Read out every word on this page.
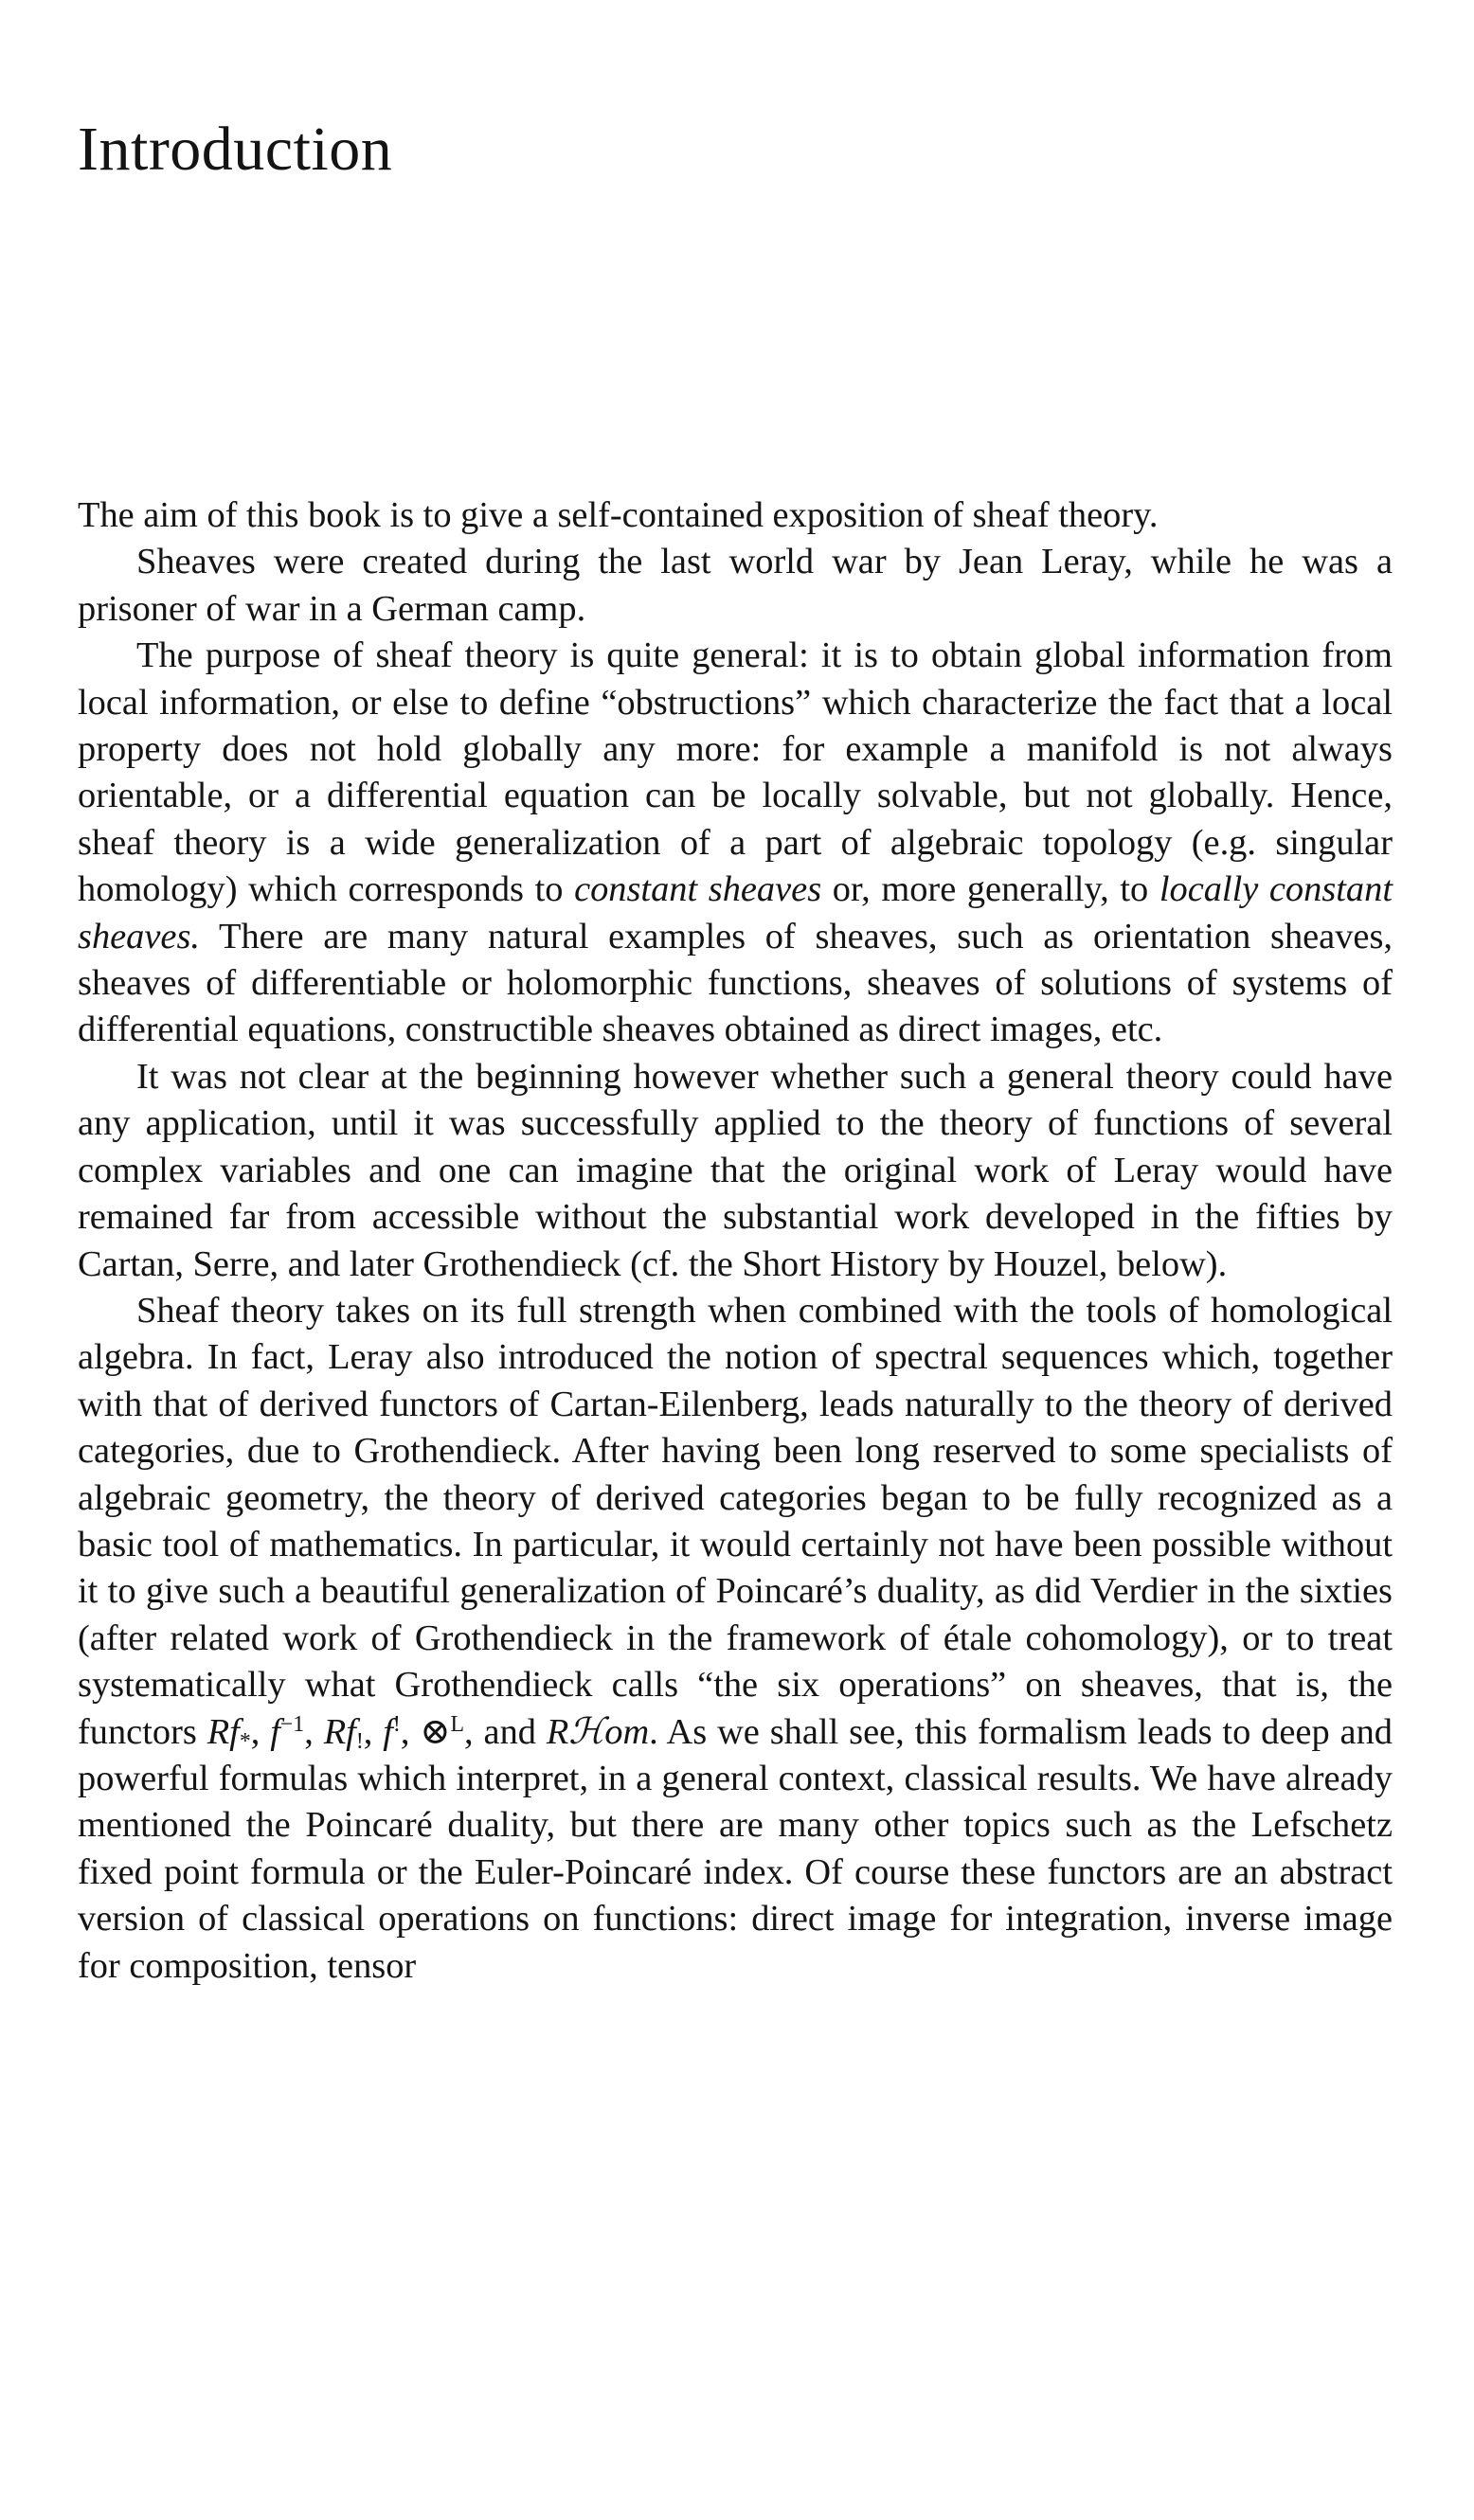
Introduction

The aim of this book is to give a self-contained exposition of sheaf theory.

Sheaves were created during the last world war by Jean Leray, while he was a prisoner of war in a German camp.

The purpose of sheaf theory is quite general: it is to obtain global information from local information, or else to define “obstructions” which characterize the fact that a local property does not hold globally any more: for example a manifold is not always orientable, or a differential equation can be locally solvable, but not globally. Hence, sheaf theory is a wide generalization of a part of algebraic topology (e.g. singular homology) which corresponds to constant sheaves or, more generally, to locally constant sheaves. There are many natural examples of sheaves, such as orientation sheaves, sheaves of differentiable or holomorphic functions, sheaves of solutions of systems of differential equations, constructible sheaves obtained as direct images, etc.

It was not clear at the beginning however whether such a general theory could have any application, until it was successfully applied to the theory of functions of several complex variables and one can imagine that the original work of Leray would have remained far from accessible without the substantial work developed in the fifties by Cartan, Serre, and later Grothendieck (cf. the Short History by Houzel, below).

Sheaf theory takes on its full strength when combined with the tools of homological algebra. In fact, Leray also introduced the notion of spectral sequences which, together with that of derived functors of Cartan-Eilenberg, leads naturally to the theory of derived categories, due to Grothendieck. After having been long reserved to some specialists of algebraic geometry, the theory of derived categories began to be fully recognized as a basic tool of mathematics. In particular, it would certainly not have been possible without it to give such a beautiful generalization of Poincaré’s duality, as did Verdier in the sixties (after related work of Grothendieck in the framework of étale cohomology), or to treat systematically what Grothendieck calls “the six operations” on sheaves, that is, the functors $Rf_*$, $f^{-1}$, $Rf_!$, f!, ⊗$^L$, and Rℋom. As we shall see, this formalism leads to deep and powerful formulas which interpret, in a general context, classical results. We have already mentioned the Poincaré duality, but there are many other topics such as the Lefschetz fixed point formula or the Euler-Poincaré index. Of course these functors are an abstract version of classical operations on functions: direct image for integration, inverse image for composition, tensor
